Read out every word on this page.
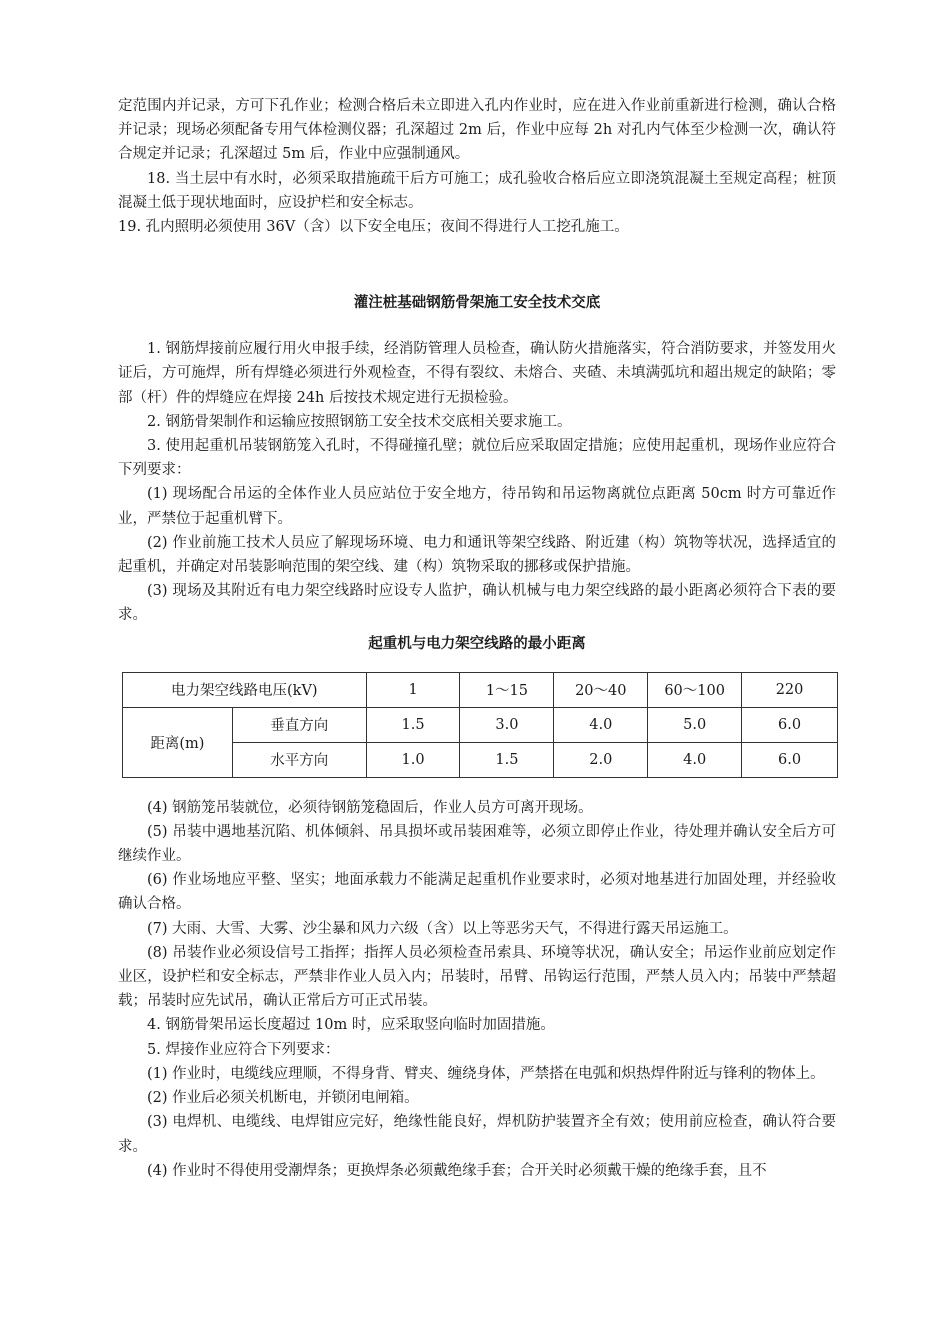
定范围内并记录，方可下孔作业；检测合格后未立即进入孔内作业时，应在进入作业前重新进行检测，确认合格并记录；现场必须配备专用气体检测仪器；孔深超过 2m 后，作业中应每 2h 对孔内气体至少检测一次，确认符合规定并记录；孔深超过 5m 后，作业中应强制通风。

18. 当土层中有水时，必须采取措施疏干后方可施工；成孔验收合格后应立即浇筑混凝土至规定高程；桩顶混凝土低于现状地面时，应设护栏和安全标志。

19. 孔内照明必须使用 36V（含）以下安全电压；夜间不得进行人工挖孔施工。

灌注桩基础钢筋骨架施工安全技术交底

1. 钢筋焊接前应履行用火申报手续，经消防管理人员检查，确认防火措施落实，符合消防要求，并签发用火证后，方可施焊，所有焊缝必须进行外观检查，不得有裂纹、未熔合、夹碴、未填满弧坑和超出规定的缺陷；零部（杆）件的焊缝应在焊接 24h 后按技术规定进行无损检验。

2. 钢筋骨架制作和运输应按照钢筋工安全技术交底相关要求施工。

3. 使用起重机吊装钢筋笼入孔时，不得碰撞孔壁；就位后应采取固定措施；应使用起重机，现场作业应符合下列要求：

(1) 现场配合吊运的全体作业人员应站位于安全地方，待吊钩和吊运物离就位点距离 50cm 时方可靠近作业，严禁位于起重机臂下。

(2) 作业前施工技术人员应了解现场环境、电力和通讯等架空线路、附近建（构）筑物等状况，选择适宜的起重机，并确定对吊装影响范围的架空线、建（构）筑物采取的挪移或保护措施。

(3) 现场及其附近有电力架空线路时应设专人监护，确认机械与电力架空线路的最小距离必须符合下表的要求。

起重机与电力架空线路的最小距离
电力架空线路电压(kV)		1	1～15	20～40	60～100	220
距离(m)	垂直方向	1.5	3.0	4.0	5.0	6.0
	水平方向	1.0	1.5	2.0	4.0	6.0

(4) 钢筋笼吊装就位，必须待钢筋笼稳固后，作业人员方可离开现场。

(5) 吊装中遇地基沉陷、机体倾斜、吊具损坏或吊装困难等，必须立即停止作业，待处理并确认安全后方可继续作业。

(6) 作业场地应平整、坚实；地面承载力不能满足起重机作业要求时，必须对地基进行加固处理，并经验收确认合格。

(7) 大雨、大雪、大雾、沙尘暴和风力六级（含）以上等恶劣天气，不得进行露天吊运施工。

(8) 吊装作业必须设信号工指挥；指挥人员必须检查吊索具、环境等状况，确认安全；吊运作业前应划定作业区，设护栏和安全标志，严禁非作业人员入内；吊装时，吊臂、吊钩运行范围，严禁人员入内；吊装中严禁超载；吊装时应先试吊，确认正常后方可正式吊装。

4. 钢筋骨架吊运长度超过 10m 时，应采取竖向临时加固措施。

5. 焊接作业应符合下列要求：

(1) 作业时，电缆线应理顺，不得身背、臂夹、缠绕身体，严禁搭在电弧和炽热焊件附近与锋利的物体上。

(2) 作业后必须关机断电，并锁闭电闸箱。

(3) 电焊机、电缆线、电焊钳应完好，绝缘性能良好，焊机防护装置齐全有效；使用前应检查，确认符合要求。

(4) 作业时不得使用受潮焊条；更换焊条必须戴绝缘手套；合开关时必须戴干燥的绝缘手套，且不
